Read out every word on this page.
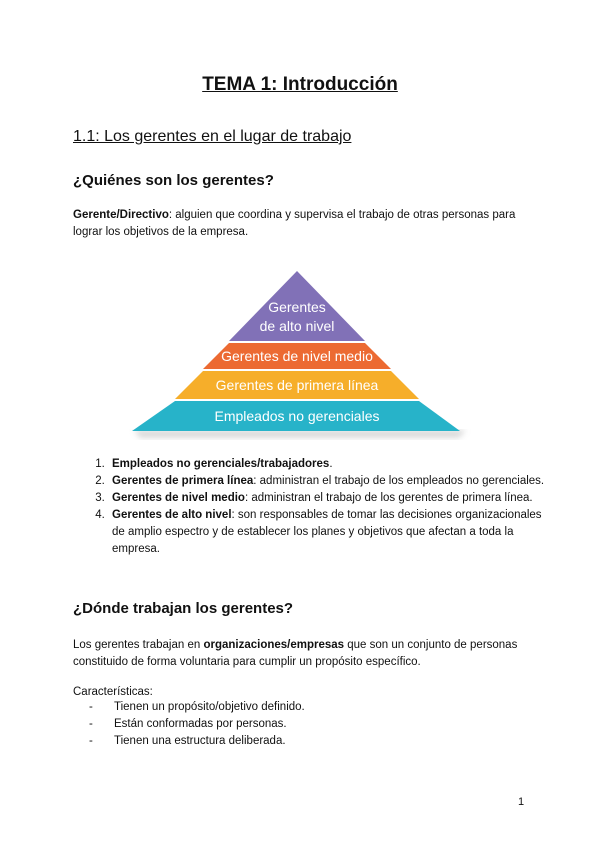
TEMA 1: Introducción
1.1: Los gerentes en el lugar de trabajo
¿Quiénes son los gerentes?

Gerente/Directivo: alguien que coordina y supervisa el trabajo de otras personas para lograr los objetivos de la empresa.

Gerentes
de alto nivel
Gerentes de nivel medio
Gerentes de primera línea
Empleados no gerenciales
1. Empleados no gerenciales/trabajadores.
2. Gerentes de primera línea: administran el trabajo de los empleados no gerenciales.
3. Gerentes de nivel medio: administran el trabajo de los gerentes de primera línea.
4. Gerentes de alto nivel: son responsables de tomar las decisiones organizacionales de amplio espectro y de establecer los planes y objetivos que afectan a toda la empresa.
¿Dónde trabajan los gerentes?

Los gerentes trabajan en organizaciones/empresas que son un conjunto de personas constituido de forma voluntaria para cumplir un propósito específico.

Características:

- Tienen un propósito/objetivo definido.
- Están conformadas por personas.
- Tienen una estructura deliberada.
1
